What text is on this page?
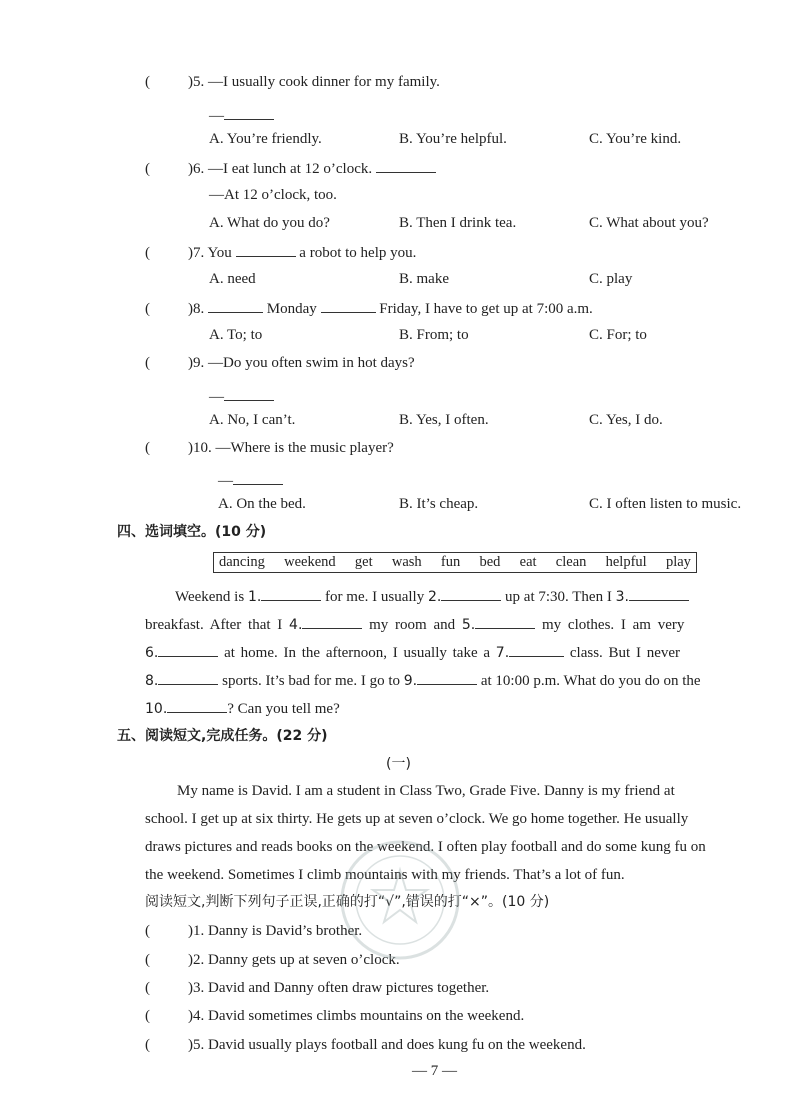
(	)5. —I usually cook dinner for my family.
—
A. You’re friendly.	B. You’re helpful.	C. You’re kind.
(	)6. —I eat lunch at 12 o’clock.
—At 12 o’clock, too.
A. What do you do?	B. Then I drink tea.	C. What about you?
(	)7. You	a robot to help you.
A. need	B. make	C. play
(	)8.	Monday	Friday, I have to get up at 7:00 a.m.
A. To; to	B. From; to	C. For; to
(	)9. —Do you often swim in hot days?
—
A. No, I can’t.	B. Yes, I often.	C. Yes, I do.
(	)10. —Where is the music player?
—
A. On the bed.	B. It’s cheap.	C. I often listen to music.
四、选词填空。(10 分)
dancing weekend get wash fun bed eat clean helpful play
Weekend is 1.	for me. I usually 2.	up at 7:30. Then I 3.
breakfast. After that I 4.	my room and 5.	my clothes. I am very
6.	at home. In the afternoon, I usually take a 7.	class. But I never
8.	sports. It’s bad for me. I go to 9.	at 10:00 p.m. What do you do on the
10.	? Can you tell me?
五、阅读短文,完成任务。(22 分)
(一)
My name is David. I am a student in Class Two, Grade Five. Danny is my friend at
school. I get up at six thirty. He gets up at seven o’clock. We go home together. He usually
draws pictures and reads books on the weekend. I often play football and do some kung fu on
the weekend. Sometimes I climb mountains with my friends. That’s a lot of fun.
阅读短文,判断下列句子正误,正确的打“√”,错误的打“×”。(10 分)
(	)1. Danny is David’s brother.
(	)2. Danny gets up at seven o’clock.
(	)3. David and Danny often draw pictures together.
(	)4. David sometimes climbs mountains on the weekend.
(	)5. David usually plays football and does kung fu on the weekend.
— 7 —
